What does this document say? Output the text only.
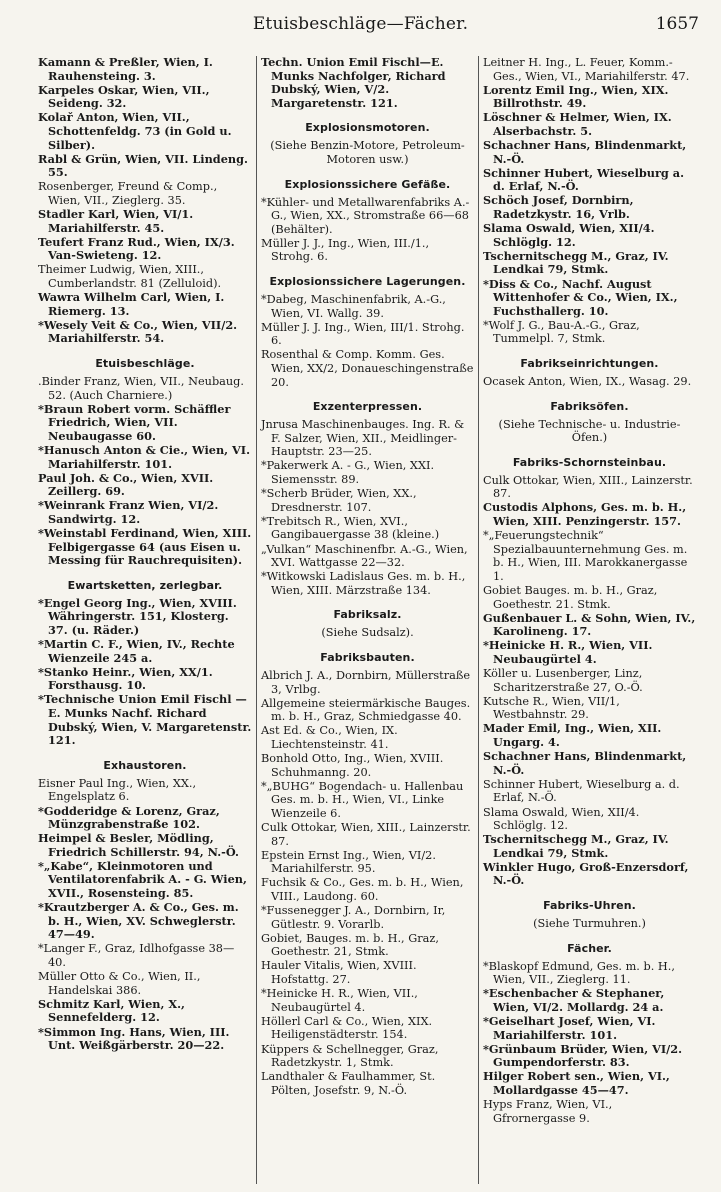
Etuisbeschläge—Fächer.	1657
Kamann & Preßler, Wien, I. Rauhensteing. 3.
Karpeles Oskar, Wien, VII., Seideng. 32.
Kolař Anton, Wien, VII., Schottenfeldg. 73 (in Gold u. Silber).
Rabl & Grün, Wien, VII. Lindeng. 55.
Rosenberger, Freund & Comp., Wien, VII., Zieglerg. 35.
Stadler Karl, Wien, VI/1. Mariahilferstr. 45.
Teufert Franz Rud., Wien, IX/3. Van-Swieteng. 12.
Theimer Ludwig, Wien, XIII., Cumberlandstr. 81 (Zelluloid).
Wawra Wilhelm Carl, Wien, I. Riemerg. 13.
*Wesely Veit & Co., Wien, VII/2. Mariahilferstr. 54.
Etuisbeschläge.
.Binder Franz, Wien, VII., Neubaug. 52. (Auch Charniere.)
*Braun Robert vorm. Schäffler Friedrich, Wien, VII. Neubaugasse 60.
*Hanusch Anton & Cie., Wien, VI. Mariahilferstr. 101.
Paul Joh. & Co., Wien, XVII. Zeillerg. 69.
*Weinrank Franz Wien, VI/2. Sandwirtg. 12.
*Weinstabl Ferdinand, Wien, XIII. Felbigergasse 64 (aus Eisen u. Messing für Rauchrequisiten).
Ewartsketten, zerlegbar.
*Engel Georg Ing., Wien, XVIII. Währingerstr. 151, Klosterg. 37. (u. Räder.)
*Martin C. F., Wien, IV., Rechte Wienzeile 245 a.
*Stanko Heinr., Wien, XX/1. Forsthausg. 10.
*Technische Union Emil Fischl — E. Munks Nachf. Richard Dubský, Wien, V. Margaretenstr. 121.
Exhaustoren.
Eisner Paul Ing., Wien, XX., Engelsplatz 6.
*Godderidge & Lorenz, Graz, Münzgrabenstraße 102.
Heimpel & Besler, Mödling, Friedrich Schillerstr. 94, N.-Ö.
*„Kabe“, Kleinmotoren und Ventilatorenfabrik A. - G. Wien, XVII., Rosensteing. 85.
*Krautzberger A. & Co., Ges. m. b. H., Wien, XV. Schweglerstr. 47—49.
*Langer F., Graz, Idlhofgasse 38—40.
Müller Otto & Co., Wien, II., Handelskai 386.
Schmitz Karl, Wien, X., Sennefelderg. 12.
*Simmon Ing. Hans, Wien, III. Unt. Weißgärberstr. 20—22.
Techn. Union Emil Fischl—E. Munks Nachfolger, Richard Dubský, Wien, V/2. Margaretenstr. 121.
Explosionsmotoren.
(Siehe Benzin-Motore, Petroleum-Motoren usw.)
Explosionssichere Gefäße.
*Kühler- und Metallwarenfabriks A.-G., Wien, XX., Stromstraße 66—68 (Behälter).
Müller J. J., Ing., Wien, III./1., Strohg. 6.
Explosionssichere Lagerungen.
*Dabeg, Maschinenfabrik, A.-G., Wien, VI. Wallg. 39.
Müller J. J. Ing., Wien, III/1. Strohg. 6.
Rosenthal & Comp. Komm. Ges. Wien, XX/2, Donaueschingenstraße 20.
Exzenterpressen.
Jnrusa Maschinenbauges. Ing. R. & F. Salzer, Wien, XII., Meidlinger-Hauptstr. 23—25.
*Pakerwerk A. - G., Wien, XXI. Siemensstr. 89.
*Scherb Brüder, Wien, XX., Dresdnerstr. 107.
*Trebitsch R., Wien, XVI., Gangibauergasse 38 (kleine.)
„Vulkan“ Maschinenfbr. A.-G., Wien, XVI. Wattgasse 22—32.
*Witkowski Ladislaus Ges. m. b. H., Wien, XIII. Märzstraße 134.
Fabriksalz.
(Siehe Sudsalz).
Fabriksbauten.
Albrich J. A., Dornbirn, Müllerstraße 3, Vrlbg.
Allgemeine steiermärkische Bauges. m. b. H., Graz, Schmiedgasse 40.
Ast Ed. & Co., Wien, IX. Liechtensteinstr. 41.
Bonhold Otto, Ing., Wien, XVIII. Schuhmanng. 20.
*„BUHG“ Bogendach- u. Hallenbau Ges. m. b. H., Wien, VI., Linke Wienzeile 6.
Culk Ottokar, Wien, XIII., Lainzerstr. 87.
Epstein Ernst Ing., Wien, VI/2. Mariahilferstr. 95.
Fuchsik & Co., Ges. m. b. H., Wien, VIII., Laudong. 60.
*Fussenegger J. A., Dornbirn, Ir, Gütlestr. 9. Vorarlb.
Gobiet, Bauges. m. b. H., Graz, Goethestr. 21, Stmk.
Hauler Vitalis, Wien, XVIII. Hofstattg. 27.
*Heinicke H. R., Wien, VII., Neubaugürtel 4.
Höllerl Carl & Co., Wien, XIX. Heiligenstädterstr. 154.
Küppers & Schellnegger, Graz, Radetzkystr. 1, Stmk.
Landthaler & Faulhammer, St. Pölten, Josefstr. 9, N.-Ö.
Leitner H. Ing., L. Feuer, Komm.-Ges., Wien, VI., Mariahilferstr. 47.
Lorentz Emil Ing., Wien, XIX. Billrothstr. 49.
Löschner & Helmer, Wien, IX. Alserbachstr. 5.
Schachner Hans, Blindenmarkt, N.-Ö.
Schinner Hubert, Wieselburg a. d. Erlaf, N.-Ö.
Schöch Josef, Dornbirn, Radetzkystr. 16, Vrlb.
Slama Oswald, Wien, XII/4. Schlöglg. 12.
Tschernitschegg M., Graz, IV. Lendkai 79, Stmk.
*Diss & Co., Nachf. August Wittenhofer & Co., Wien, IX., Fuchsthallerg. 10.
*Wolf J. G., Bau-A.-G., Graz, Tummelpl. 7, Stmk.
Fabrikseinrichtungen.
Ocasek Anton, Wien, IX., Wasag. 29.
Fabriksöfen.
(Siehe Technische- u. Industrie-Öfen.)
Fabriks-Schornsteinbau.
Culk Ottokar, Wien, XIII., Lainzerstr. 87.
Custodis Alphons, Ges. m. b. H., Wien, XIII. Penzingerstr. 157.
*„Feuerungstechnik“ Spezialbauunternehmung Ges. m. b. H., Wien, III. Marokkanergasse 1.
Gobiet Bauges. m. b. H., Graz, Goethestr. 21. Stmk.
Gußenbauer L. & Sohn, Wien, IV., Karolineng. 17.
*Heinicke H. R., Wien, VII. Neubaugürtel 4.
Köller u. Lusenberger, Linz, Scharitzerstraße 27, O.-Ö.
Kutsche R., Wien, VII/1, Westbahnstr. 29.
Mader Emil, Ing., Wien, XII. Ungarg. 4.
Schachner Hans, Blindenmarkt, N.-Ö.
Schinner Hubert, Wieselburg a. d. Erlaf, N.-Ö.
Slama Oswald, Wien, XII/4. Schlöglg. 12.
Tschernitschegg M., Graz, IV. Lendkai 79, Stmk.
Winkler Hugo, Groß-Enzersdorf, N.-Ö.
Fabriks-Uhren.
(Siehe Turmuhren.)
Fächer.
*Blaskopf Edmund, Ges. m. b. H., Wien, VII., Zieglerg. 11.
*Eschenbacher & Stephaner, Wien, VI/2. Mollardg. 24 a.
*Geiselhart Josef, Wien, VI. Mariahilferstr. 101.
*Grünbaum Brüder, Wien, VI/2. Gumpendorferstr. 83.
Hilger Robert sen., Wien, VI., Mollardgasse 45—47.
Hyps Franz, Wien, VI., Gfrornergasse 9.
